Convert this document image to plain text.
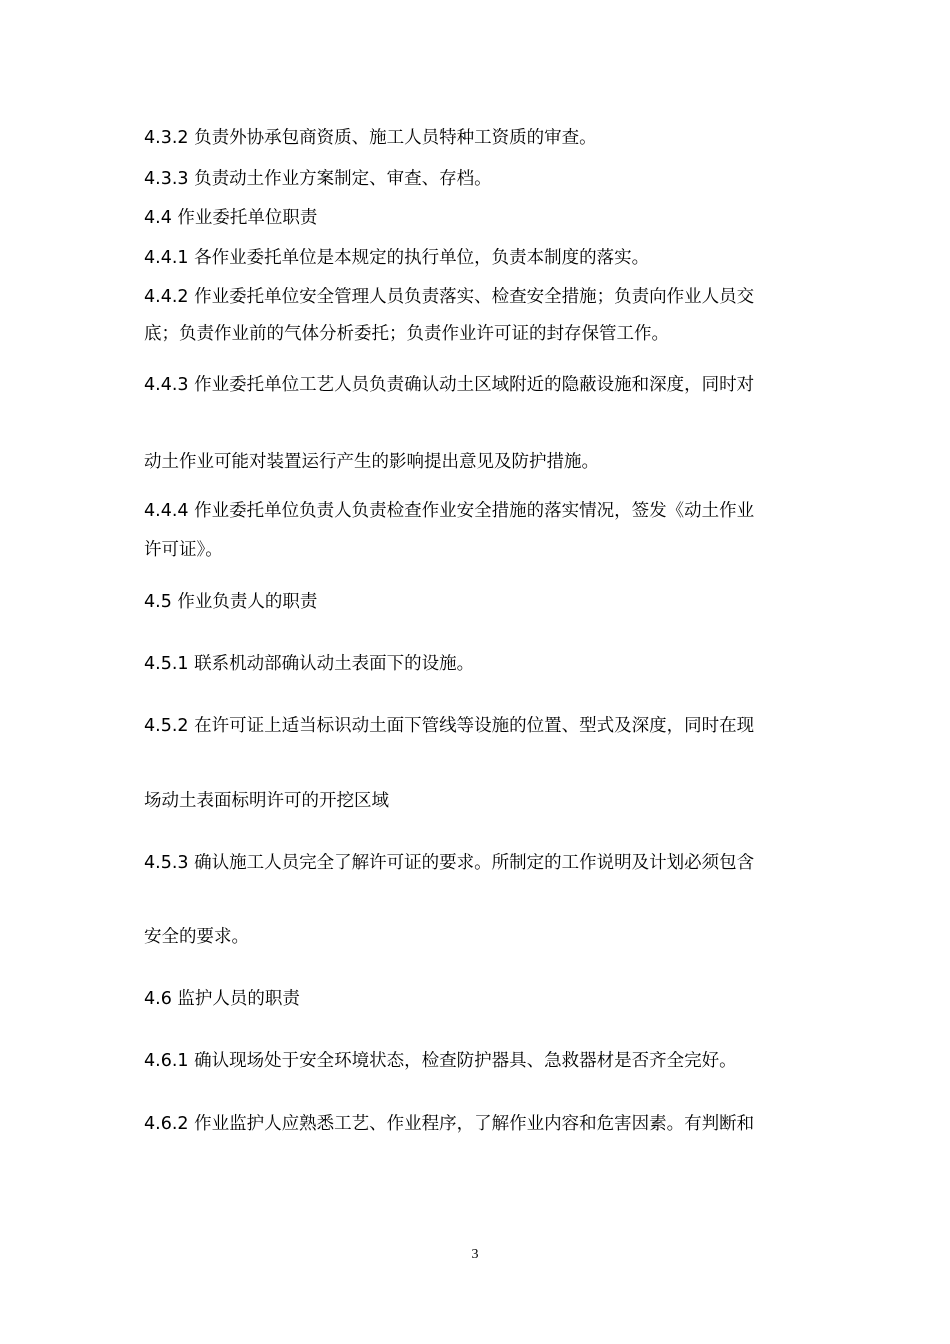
4.3.2 负责外协承包商资质、施工人员特种工资质的审查。
4.3.3 负责动土作业方案制定、审查、存档。
4.4 作业委托单位职责
4.4.1 各作业委托单位是本规定的执行单位，负责本制度的落实。
4.4.2 作业委托单位安全管理人员负责落实、检查安全措施；负责向作业人员交
底；负责作业前的气体分析委托；负责作业许可证的封存保管工作。
4.4.3 作业委托单位工艺人员负责确认动土区域附近的隐蔽设施和深度，同时对
动土作业可能对装置运行产生的影响提出意见及防护措施。
4.4.4 作业委托单位负责人负责检查作业安全措施的落实情况，签发《动土作业
许可证》。
4.5 作业负责人的职责
4.5.1 联系机动部确认动土表面下的设施。
4.5.2 在许可证上适当标识动土面下管线等设施的位置、型式及深度，同时在现
场动土表面标明许可的开挖区域
4.5.3 确认施工人员完全了解许可证的要求。所制定的工作说明及计划必须包含
安全的要求。
4.6 监护人员的职责
4.6.1 确认现场处于安全环境状态，检查防护器具、急救器材是否齐全完好。
4.6.2 作业监护人应熟悉工艺、作业程序，了解作业内容和危害因素。有判断和
3
